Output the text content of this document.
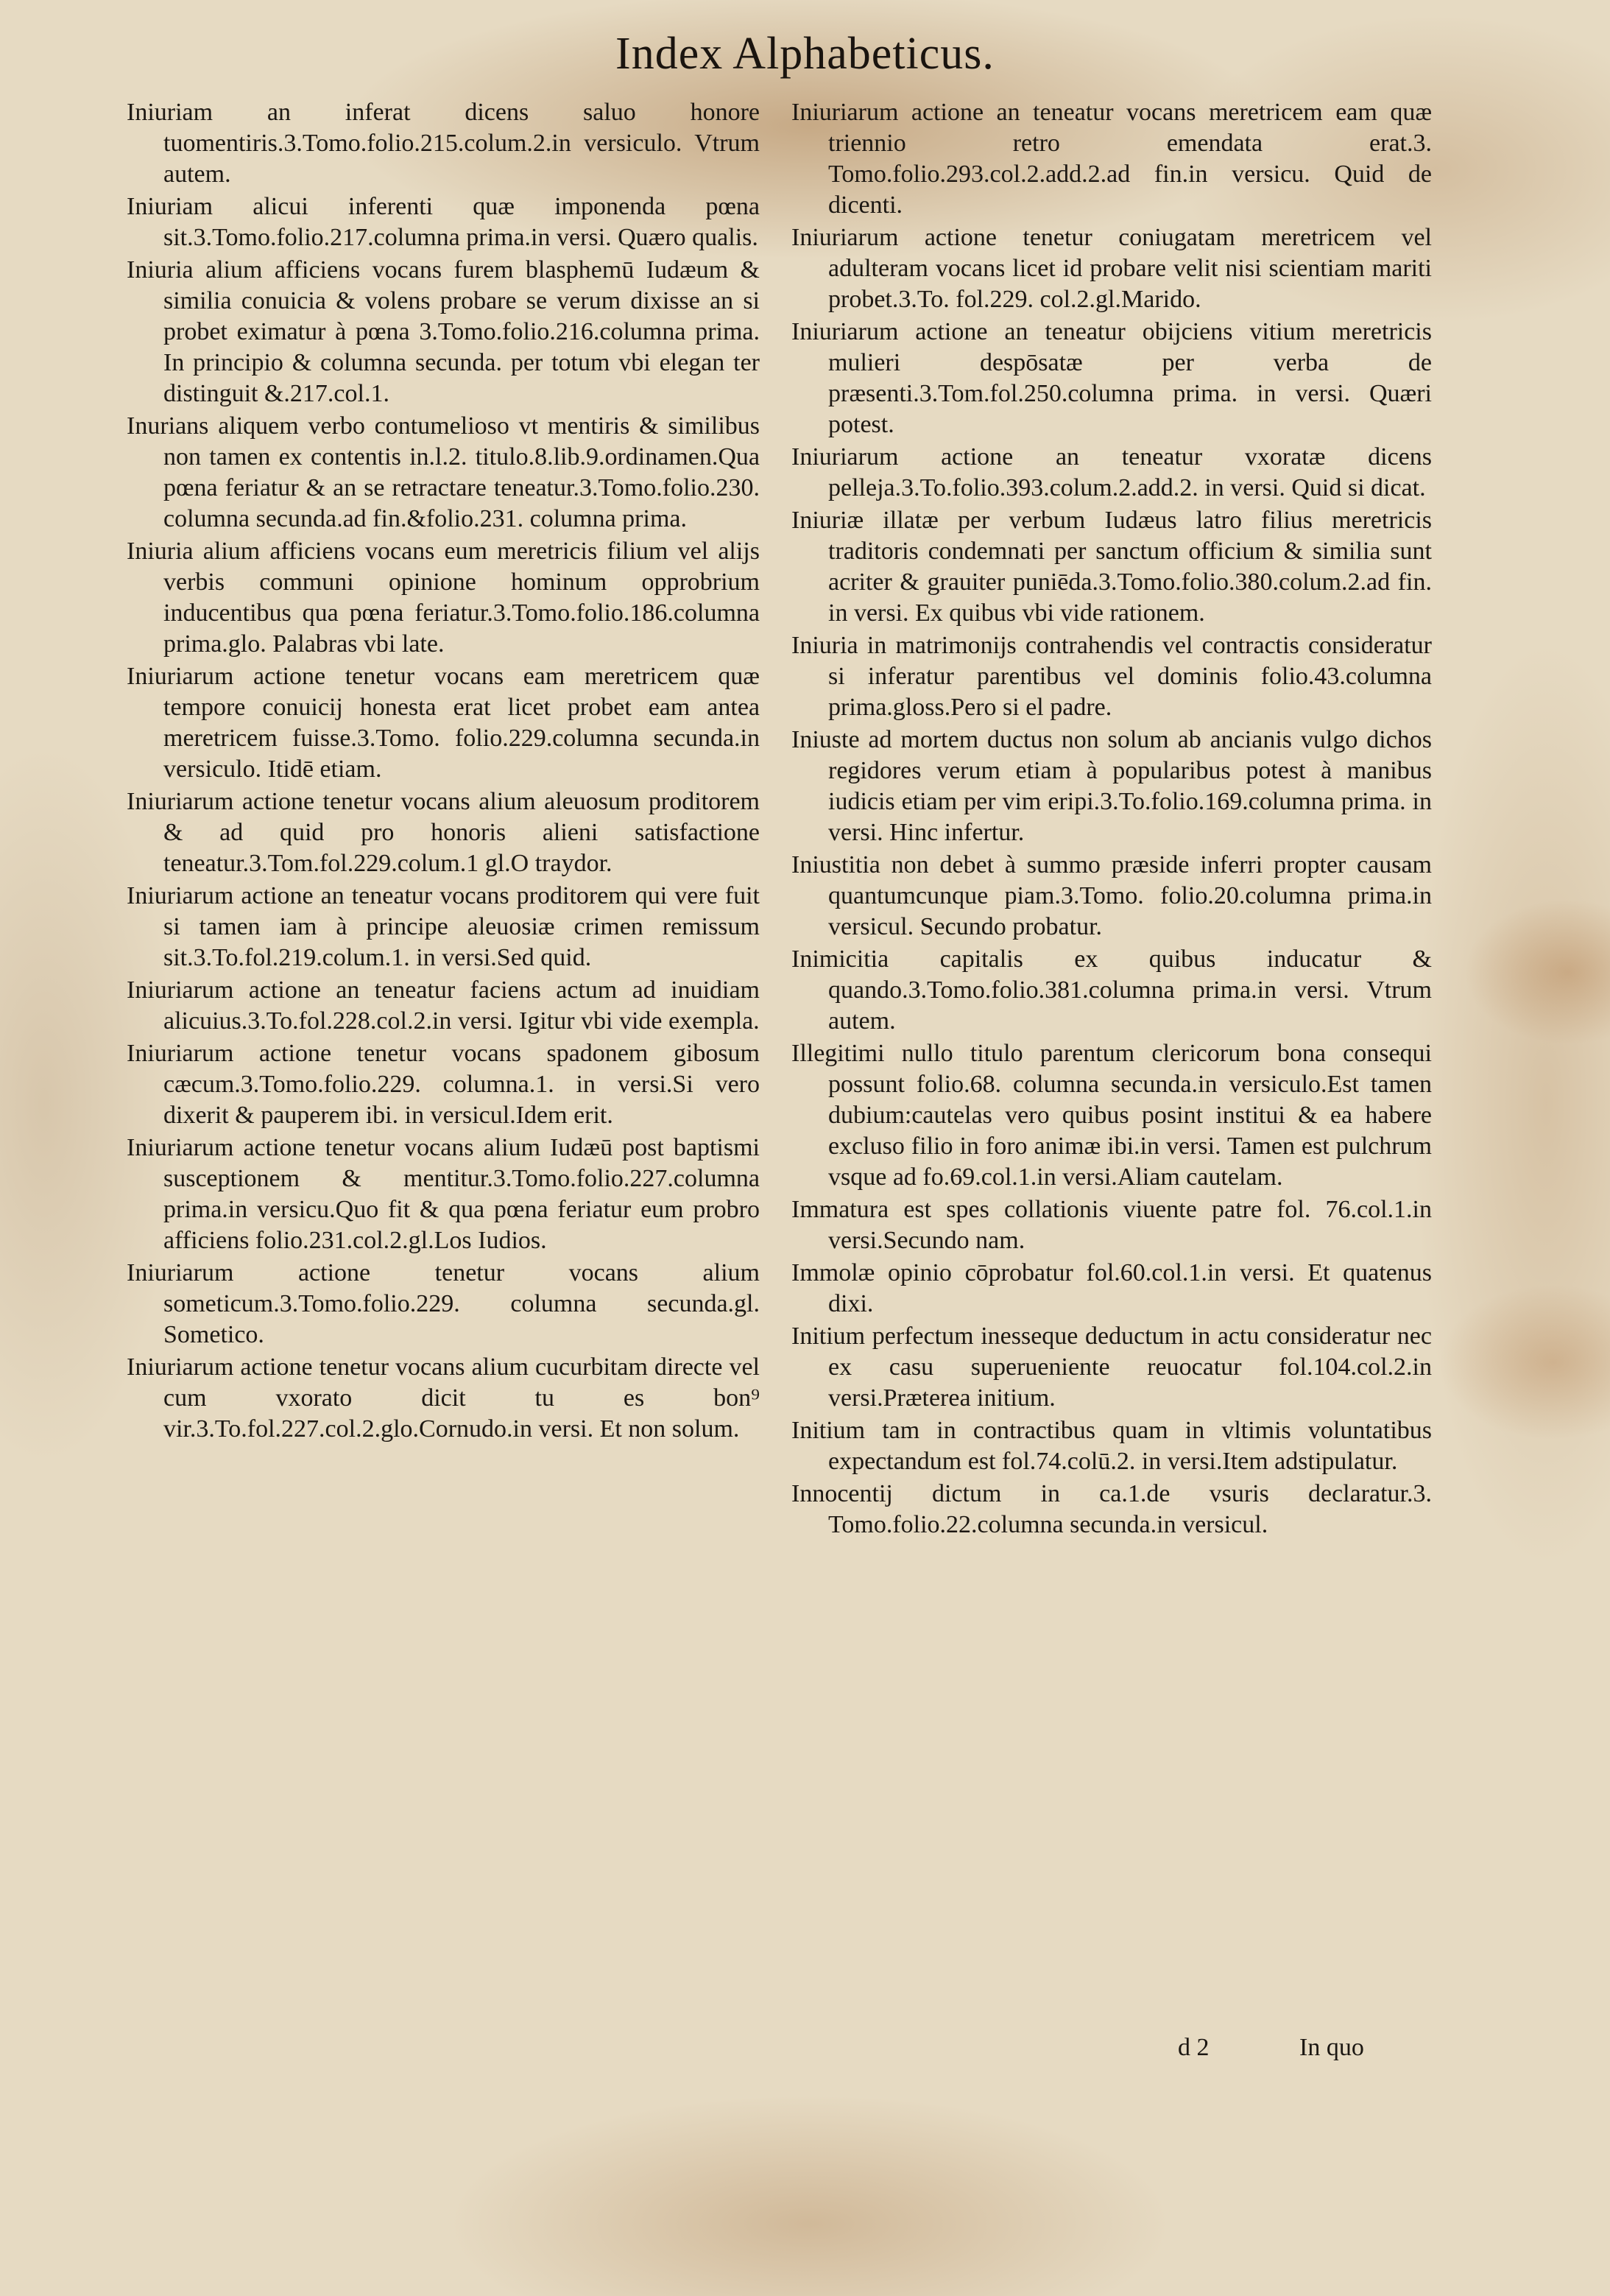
Index Alphabeticus.

Iniuriam an inferat dicens saluo honore tuomentiris.3.Tomo.folio.215.colum.2.in versiculo. Vtrum autem.

Iniuriam alicui inferenti quæ imponenda pœna sit.3.Tomo.folio.217.columna prima.in versi. Quæro qualis.

Iniuria alium afficiens vocans furem blasphemū Iudæum & similia conuicia & volens probare se verum dixisse an si probet eximatur à pœna 3.Tomo.folio.216.columna prima. In principio & columna secunda. per totum vbi elegan ter distinguit &.217.col.1.

Inurians aliquem verbo contumelioso vt mentiris & similibus non tamen ex contentis in.l.2. titulo.8.lib.9.ordinamen.Qua pœna feriatur & an se retractare teneatur.3.Tomo.folio.230. columna secunda.ad fin.&folio.231. columna prima.

Iniuria alium afficiens vocans eum meretricis filium vel alijs verbis communi opinione hominum opprobrium inducentibus qua pœna feriatur.3.Tomo.folio.186.columna prima.glo. Palabras vbi late.

Iniuriarum actione tenetur vocans eam meretricem quæ tempore conuicij honesta erat licet probet eam antea meretricem fuisse.3.Tomo. folio.229.columna secunda.in versiculo. Itidē etiam.

Iniuriarum actione tenetur vocans alium aleuosum proditorem & ad quid pro honoris alieni satisfactione teneatur.3.Tom.fol.229.colum.1 gl.O traydor.

Iniuriarum actione an teneatur vocans proditorem qui vere fuit si tamen iam à principe aleuosiæ crimen remissum sit.3.To.fol.219.colum.1. in versi.Sed quid.

Iniuriarum actione an teneatur faciens actum ad inuidiam alicuius.3.To.fol.228.col.2.in versi. Igitur vbi vide exempla.

Iniuriarum actione tenetur vocans spadonem gibosum cæcum.3.Tomo.folio.229. columna.1. in versi.Si vero dixerit & pauperem ibi. in versicul.Idem erit.

Iniuriarum actione tenetur vocans alium Iudæū post baptismi susceptionem & mentitur.3.Tomo.folio.227.columna prima.in versicu.Quo fit & qua pœna feriatur eum probro afficiens folio.231.col.2.gl.Los Iudios.

Iniuriarum actione tenetur vocans alium someticum.3.Tomo.folio.229. columna secunda.gl. Sometico.

Iniuriarum actione tenetur vocans alium cucurbitam directe vel cum vxorato dicit tu es bon⁹ vir.3.To.fol.227.col.2.glo.Cornudo.in versi. Et non solum.

Iniuriarum actione an teneatur vocans meretricem eam quæ triennio retro emendata erat.3. Tomo.folio.293.col.2.add.2.ad fin.in versicu. Quid de dicenti.

Iniuriarum actione tenetur coniugatam meretricem vel adulteram vocans licet id probare velit nisi scientiam mariti probet.3.To. fol.229. col.2.gl.Marido.

Iniuriarum actione an teneatur obijciens vitium meretricis mulieri despōsatæ per verba de præsenti.3.Tom.fol.250.columna prima. in versi. Quæri potest.

Iniuriarum actione an teneatur vxoratæ dicens pelleja.3.To.folio.393.colum.2.add.2. in versi. Quid si dicat.

Iniuriæ illatæ per verbum Iudæus latro filius meretricis traditoris condemnati per sanctum officium & similia sunt acriter & grauiter puniēda.3.Tomo.folio.380.colum.2.ad fin. in versi. Ex quibus vbi vide rationem.

Iniuria in matrimonijs contrahendis vel contractis consideratur si inferatur parentibus vel dominis folio.43.columna prima.gloss.Pero si el padre.

Iniuste ad mortem ductus non solum ab ancianis vulgo dichos regidores verum etiam à popularibus potest à manibus iudicis etiam per vim eripi.3.To.folio.169.columna prima. in versi. Hinc infertur.

Iniustitia non debet à summo præside inferri propter causam quantumcunque piam.3.Tomo. folio.20.columna prima.in versicul. Secundo probatur.

Inimicitia capitalis ex quibus inducatur & quando.3.Tomo.folio.381.columna prima.in versi. Vtrum autem.

Illegitimi nullo titulo parentum clericorum bona consequi possunt folio.68. columna secunda.in versiculo.Est tamen dubium:cautelas vero quibus posint institui & ea habere excluso filio in foro animæ ibi.in versi. Tamen est pulchrum vsque ad fo.69.col.1.in versi.Aliam cautelam.

Immatura est spes collationis viuente patre fol. 76.col.1.in versi.Secundo nam.

Immolæ opinio cōprobatur fol.60.col.1.in versi. Et quatenus dixi.

Initium perfectum inesseque deductum in actu consideratur nec ex casu superueniente reuocatur fol.104.col.2.in versi.Præterea initium.

Initium tam in contractibus quam in vltimis voluntatibus expectandum est fol.74.colū.2. in versi.Item adstipulatur.

Innocentij dictum in ca.1.de vsuris declaratur.3. Tomo.folio.22.columna secunda.in versicul.

d 2	In quo
